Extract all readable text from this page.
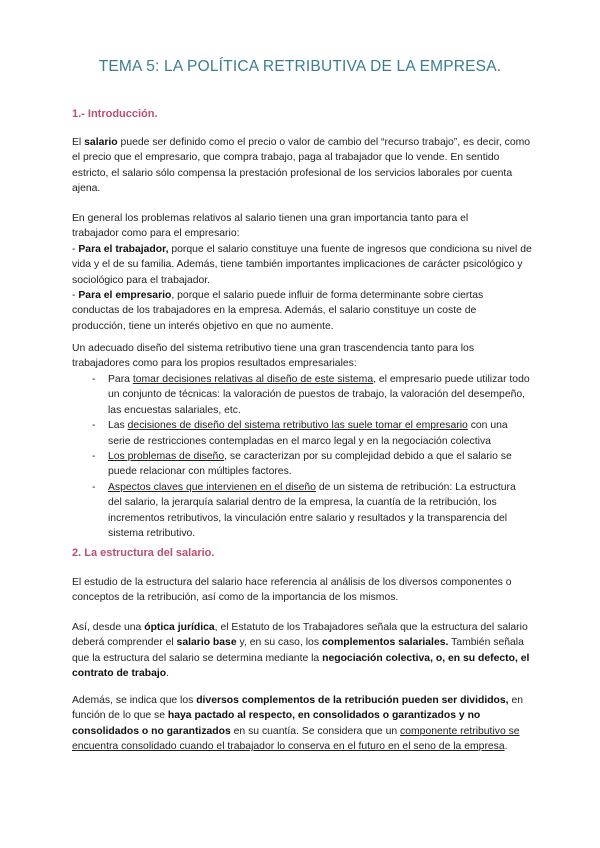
TEMA 5: LA POLÍTICA RETRIBUTIVA DE LA EMPRESA.
1.- Introducción.

El salario puede ser definido como el precio o valor de cambio del “recurso trabajo”, es decir, como el precio que el empresario, que compra trabajo, paga al trabajador que lo vende. En sentido estricto, el salario sólo compensa la prestación profesional de los servicios laborales por cuenta ajena.

En general los problemas relativos al salario tienen una gran importancia tanto para el trabajador como para el empresario:
- Para el trabajador, porque el salario constituye una fuente de ingresos que condiciona su nivel de vida y el de su familia. Además, tiene también importantes implicaciones de carácter psicológico y sociológico para el trabajador.
- Para el empresario, porque el salario puede influir de forma determinante sobre ciertas conductas de los trabajadores en la empresa. Además, el salario constituye un coste de producción, tiene un interés objetivo en que no aumente.

Un adecuado diseño del sistema retributivo tiene una gran trascendencia tanto para los trabajadores como para los propios resultados empresariales:

- Para tomar decisiones relativas al diseño de este sistema, el empresario puede utilizar todo un conjunto de técnicas: la valoración de puestos de trabajo, la valoración del desempeño, las encuestas salariales, etc.
- Las decisiones de diseño del sistema retributivo las suele tomar el empresario con una serie de restricciones contempladas en el marco legal y en la negociación colectiva
- Los problemas de diseño, se caracterizan por su complejidad debido a que el salario se puede relacionar con múltiples factores.
- Aspectos claves que intervienen en el diseño de un sistema de retribución: La estructura del salario, la jerarquía salarial dentro de la empresa, la cuantía de la retribución, los incrementos retributivos, la vinculación entre salario y resultados y la transparencia del sistema retributivo.
2. La estructura del salario.

El estudio de la estructura del salario hace referencia al análisis de los diversos componentes o conceptos de la retribución, así como de la importancia de los mismos.

Así, desde una óptica jurídica, el Estatuto de los Trabajadores señala que la estructura del salario deberá comprender el salario base y, en su caso, los complementos salariales. También señala que la estructura del salario se determina mediante la negociación colectiva, o, en su defecto, el contrato de trabajo.

Además, se indica que los diversos complementos de la retribución pueden ser divididos, en función de lo que se haya pactado al respecto, en consolidados o garantizados y no consolidados o no garantizados en su cuantía. Se considera que un componente retributivo se encuentra consolidado cuando el trabajador lo conserva en el futuro en el seno de la empresa.
